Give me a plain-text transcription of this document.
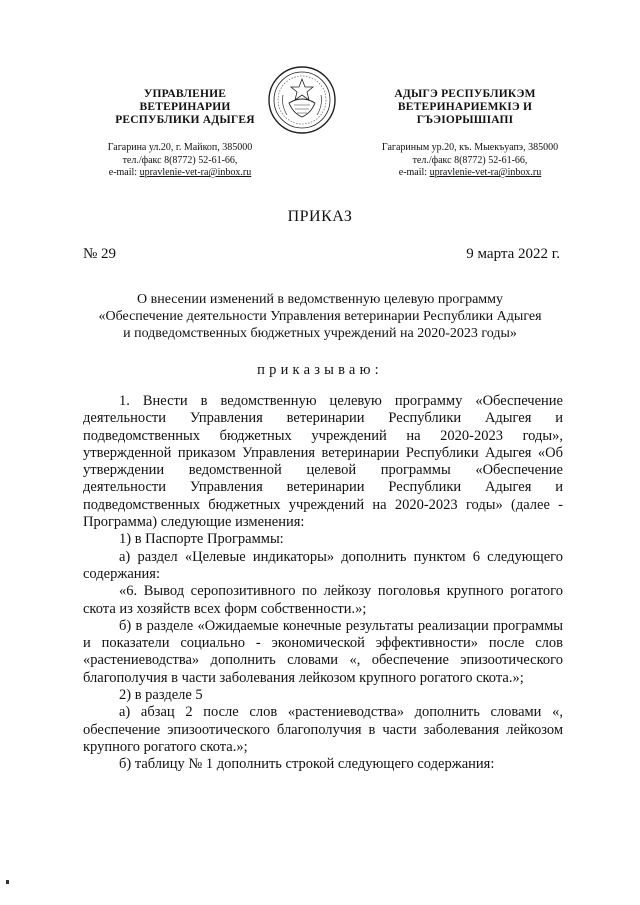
УПРАВЛЕНИЕ
ВЕТЕРИНАРИИ
РЕСПУБЛИКИ АДЫГЕЯ
Гагарина ул.20, г. Майкоп, 385000
тел./факс 8(8772) 52-61-66,
e-mail: upravlenie-vet-ra@inbox.ru
АДЫГЭ РЕСПУБЛИКЭМ
ВЕТЕРИНАРИЕМКIЭ И
ГЪЭIОРЫШIАПI
Гагариным ур.20, къ. Мыекъуапэ, 385000
тел./факс 8(8772) 52-61-66,
e-mail: upravlenie-vet-ra@inbox.ru
ПРИКАЗ
№ 29	9 марта 2022 г.
О внесении изменений в ведомственную целевую программу
«Обеспечение деятельности Управления ветеринарии Республики Адыгея
и подведомственных бюджетных учреждений на 2020-2023 годы»
приказываю:

1. Внести в ведомственную целевую программу «Обеспечение деятельности Управления ветеринарии Республики Адыгея и подведомственных бюджетных учреждений на 2020-2023 годы», утвержденной приказом Управления ветеринарии Республики Адыгея «Об утверждении ведомственной целевой программы «Обеспечение деятельности Управления ветеринарии Республики Адыгея и подведомственных бюджетных учреждений на 2020-2023 годы» (далее - Программа) следующие изменения:

1) в Паспорте Программы:

а) раздел «Целевые индикаторы» дополнить пунктом 6 следующего содержания:

«6. Вывод серопозитивного по лейкозу поголовья крупного рогатого скота из хозяйств всех форм собственности.»;

б) в разделе «Ожидаемые конечные результаты реализации программы и показатели социально - экономической эффективности» после слов «растениеводства» дополнить словами «, обеспечение эпизоотического благополучия в части заболевания лейкозом крупного рогатого скота.»;

2) в разделе 5

а) абзац 2 после слов «растениеводства» дополнить словами «, обеспечение эпизоотического благополучия в части заболевания лейкозом крупного рогатого скота.»;

б) таблицу № 1 дополнить строкой следующего содержания:
